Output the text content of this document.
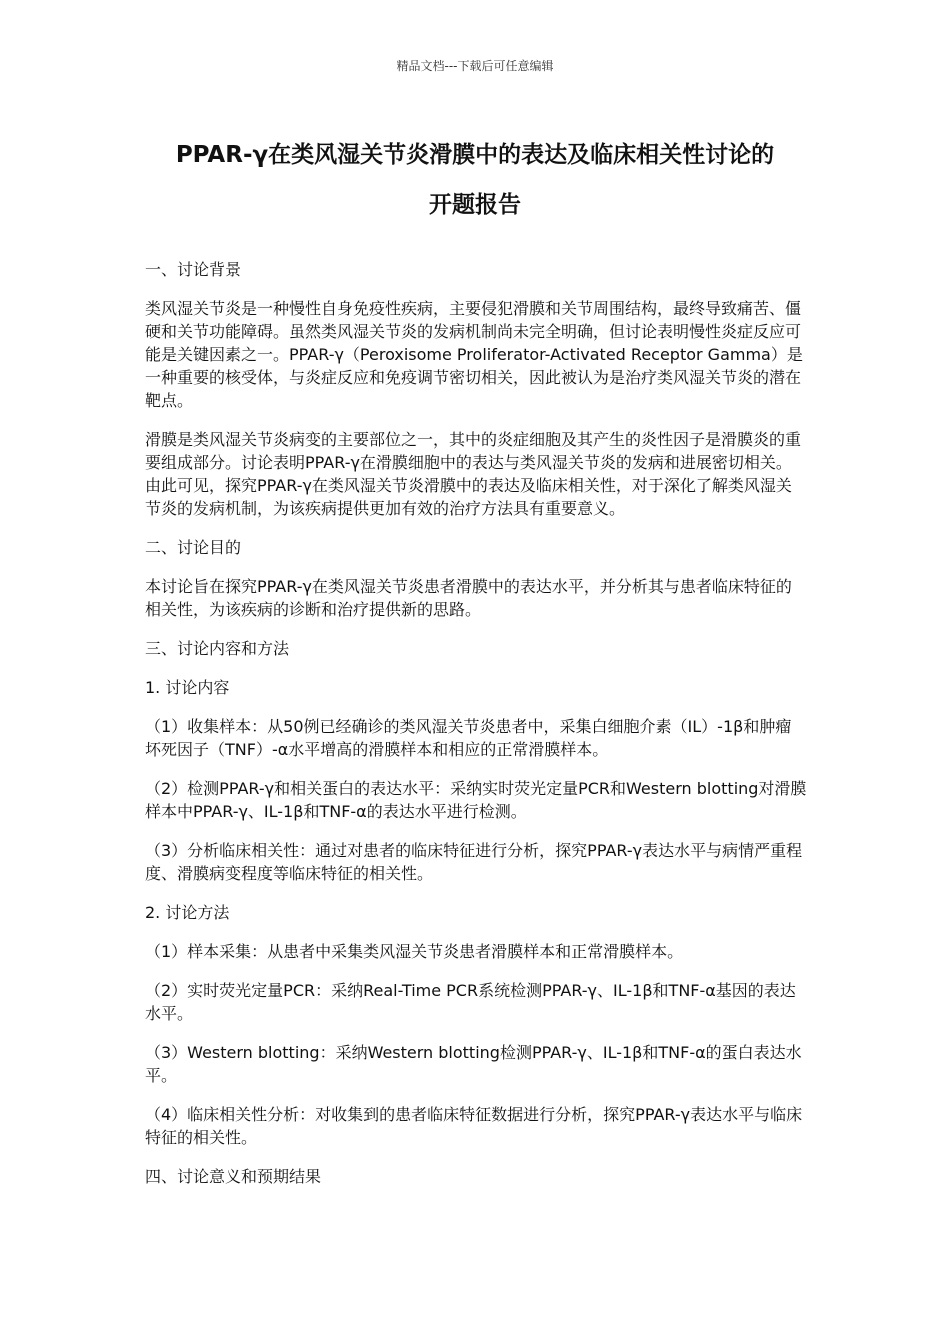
精品文档---下载后可任意编辑
PPAR-γ在类风湿关节炎滑膜中的表达及临床相关性讨论的
开题报告

一、讨论背景

类风湿关节炎是一种慢性自身免疫性疾病，主要侵犯滑膜和关节周围结构，最终导致痛苦、僵硬和关节功能障碍。虽然类风湿关节炎的发病机制尚未完全明确，但讨论表明慢性炎症反应可能是关键因素之一。PPAR-γ（Peroxisome Proliferator-Activated Receptor Gamma）是一种重要的核受体，与炎症反应和免疫调节密切相关，因此被认为是治疗类风湿关节炎的潜在靶点。

滑膜是类风湿关节炎病变的主要部位之一，其中的炎症细胞及其产生的炎性因子是滑膜炎的重要组成部分。讨论表明PPAR-γ在滑膜细胞中的表达与类风湿关节炎的发病和进展密切相关。由此可见，探究PPAR-γ在类风湿关节炎滑膜中的表达及临床相关性，对于深化了解类风湿关节炎的发病机制，为该疾病提供更加有效的治疗方法具有重要意义。

二、讨论目的

本讨论旨在探究PPAR-γ在类风湿关节炎患者滑膜中的表达水平，并分析其与患者临床特征的相关性，为该疾病的诊断和治疗提供新的思路。

三、讨论内容和方法

1. 讨论内容

（1）收集样本：从50例已经确诊的类风湿关节炎患者中，采集白细胞介素（IL）-1β和肿瘤坏死因子（TNF）-α水平增高的滑膜样本和相应的正常滑膜样本。

（2）检测PPAR-γ和相关蛋白的表达水平：采纳实时荧光定量PCR和Western blotting对滑膜样本中PPAR-γ、IL-1β和TNF-α的表达水平进行检测。

（3）分析临床相关性：通过对患者的临床特征进行分析，探究PPAR-γ表达水平与病情严重程度、滑膜病变程度等临床特征的相关性。

2. 讨论方法

（1）样本采集：从患者中采集类风湿关节炎患者滑膜样本和正常滑膜样本。

（2）实时荧光定量PCR：采纳Real-Time PCR系统检测PPAR-γ、IL-1β和TNF-α基因的表达水平。

（3）Western blotting：采纳Western blotting检测PPAR-γ、IL-1β和TNF-α的蛋白表达水平。

（4）临床相关性分析：对收集到的患者临床特征数据进行分析，探究PPAR-γ表达水平与临床特征的相关性。

四、讨论意义和预期结果
